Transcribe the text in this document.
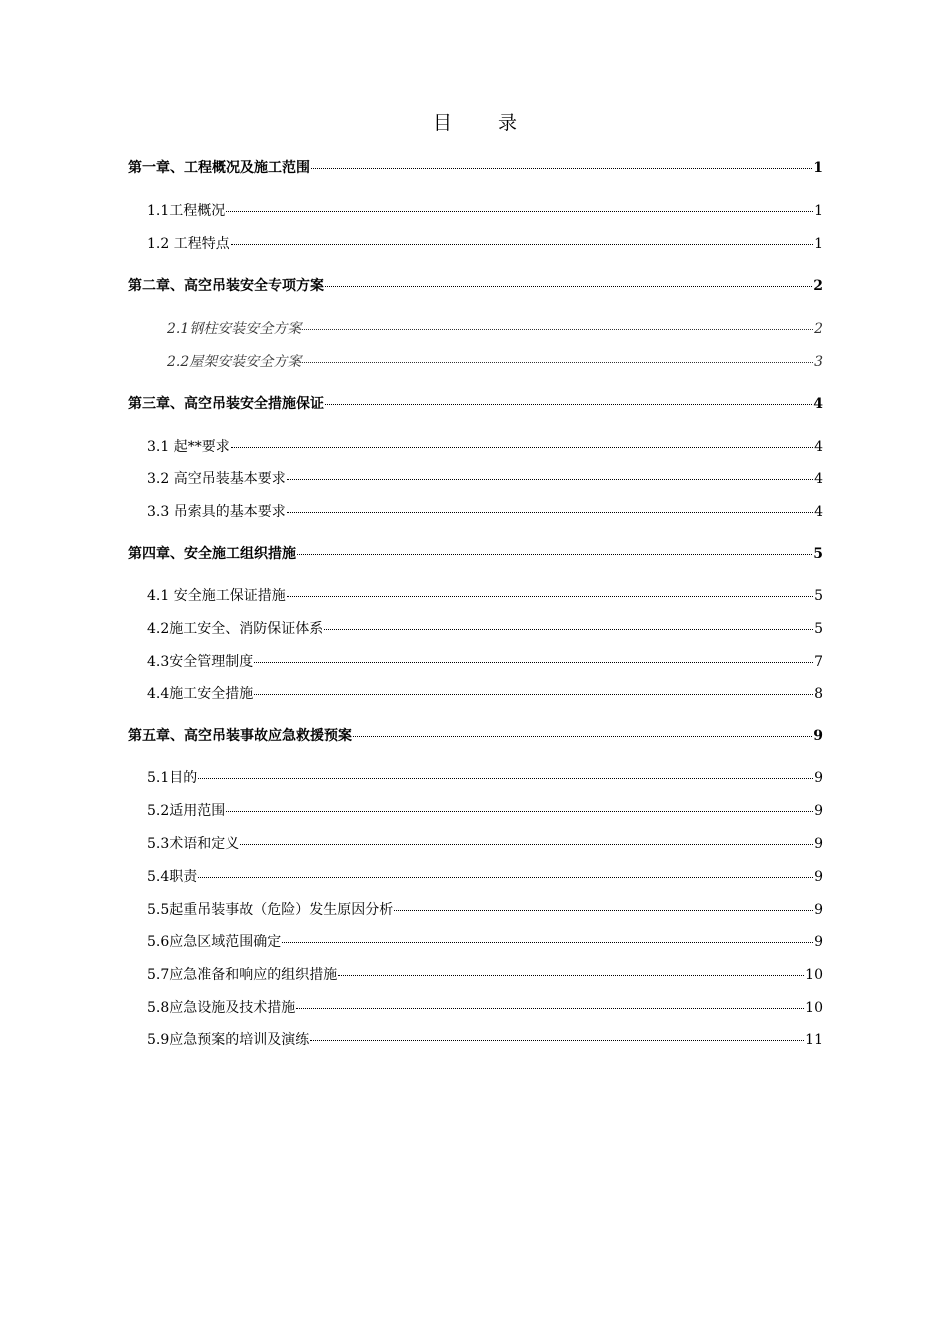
目 录
第一章、工程概况及施工范围	1
1.1工程概况	1
1.2 工程特点	1
第二章、高空吊装安全专项方案	2
2.1钢柱安装安全方案	2
2.2屋架安装安全方案	3
第三章、高空吊装安全措施保证	4
3.1 起**要求	4
3.2 高空吊装基本要求	4
3.3 吊索具的基本要求	4
第四章、安全施工组织措施	5
4.1 安全施工保证措施	5
4.2施工安全、消防保证体系	5
4.3安全管理制度	7
4.4施工安全措施	8
第五章、高空吊装事故应急救援预案	9
5.1目的	9
5.2适用范围	9
5.3术语和定义	9
5.4职责	9
5.5起重吊装事故（危险）发生原因分析	9
5.6应急区域范围确定	9
5.7应急准备和响应的组织措施	10
5.8应急设施及技术措施	10
5.9应急预案的培训及演练	11
